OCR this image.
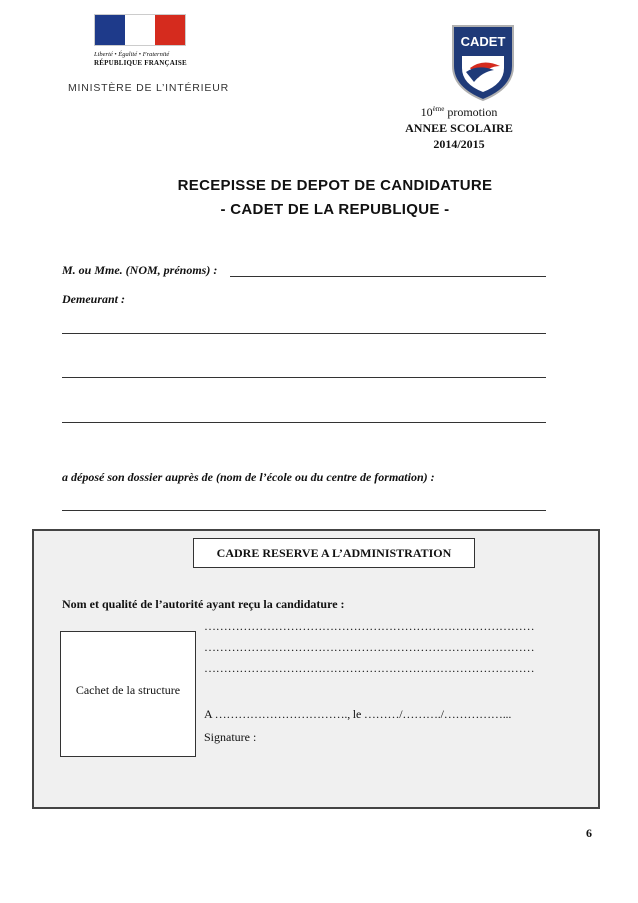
Liberté • Égalité • Fraternité
RÉPUBLIQUE FRANÇAISE
MINISTÈRE DE L’INTÉRIEUR
CADET
10ème promotion
ANNEE SCOLAIRE
2014/2015
RECEPISSE DE DEPOT DE CANDIDATURE
- CADET DE LA REPUBLIQUE -
M. ou Mme. (NOM, prénoms) :
Demeurant :
a déposé son dossier auprès de (nom de l’école ou du centre de formation) :
CADRE RESERVE A L’ADMINISTRATION
Nom et qualité de l’autorité ayant reçu la candidature :
Cachet de la structure
…………………………………………………………………………
…………………………………………………………………………
…………………………………………………………………………
A ……………………………., le ………/………./……………...
Signature :
6
